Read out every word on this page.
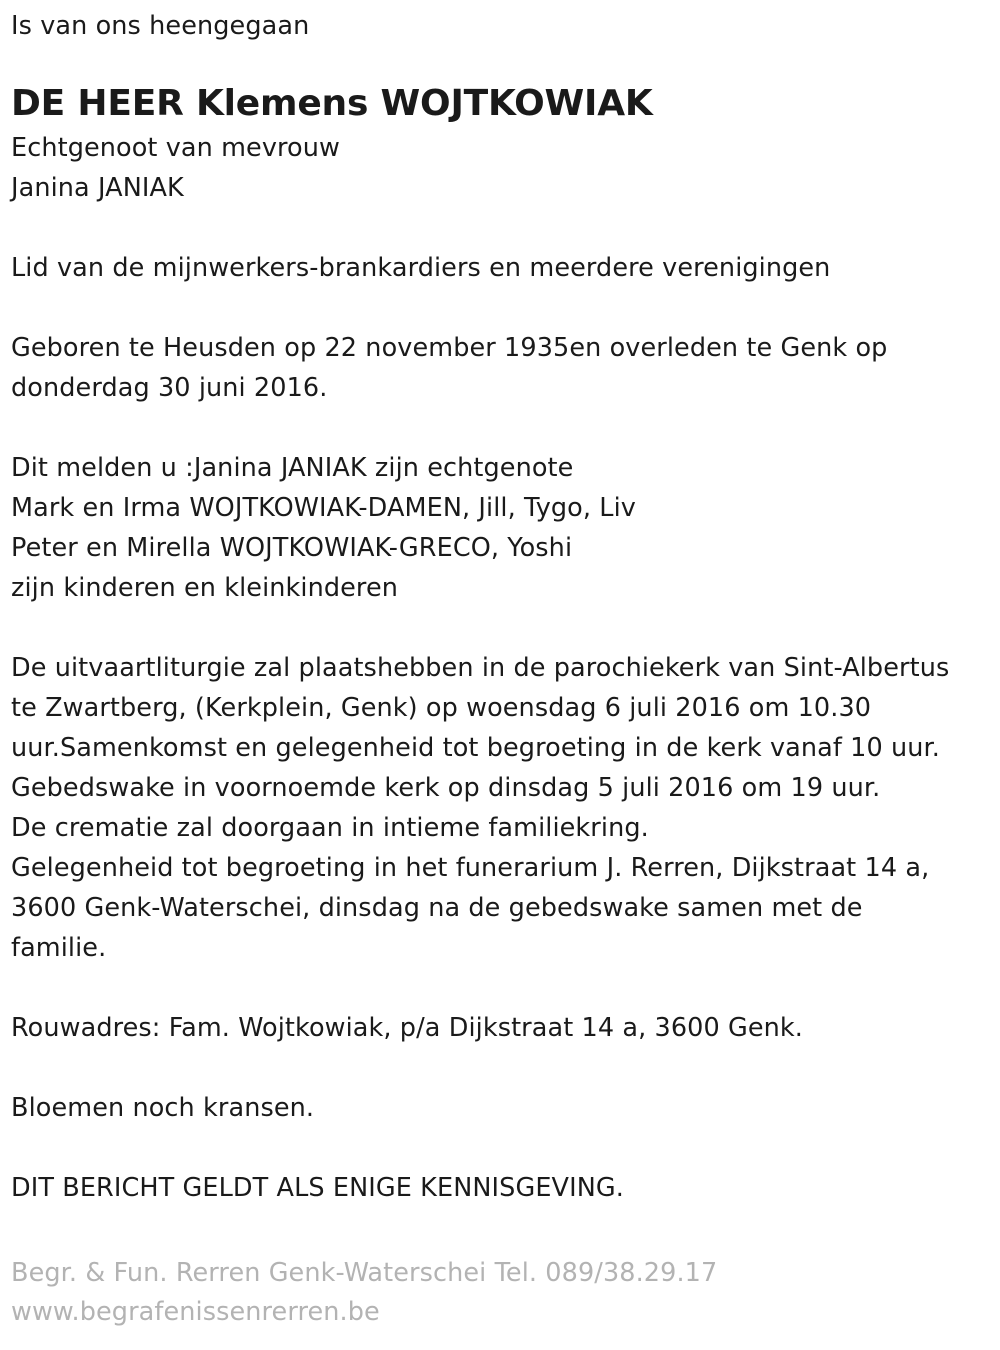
Is van ons heengegaan
DE HEER Klemens WOJTKOWIAK
Echtgenoot van mevrouw
Janina JANIAK
Lid van de mijnwerkers-brankardiers en meerdere verenigingen
Geboren te Heusden op 22 november 1935en overleden te Genk op
donderdag 30 juni 2016.
Dit melden u :Janina JANIAK zijn echtgenote
Mark en Irma WOJTKOWIAK-DAMEN, Jill, Tygo, Liv
Peter en Mirella WOJTKOWIAK-GRECO, Yoshi
zijn kinderen en kleinkinderen
De uitvaartliturgie zal plaatshebben in de parochiekerk van Sint-Albertus
te Zwartberg, (Kerkplein, Genk) op woensdag 6 juli 2016 om 10.30
uur.Samenkomst en gelegenheid tot begroeting in de kerk vanaf 10 uur.
Gebedswake in voornoemde kerk op dinsdag 5 juli 2016 om 19 uur.
De crematie zal doorgaan in intieme familiekring.
Gelegenheid tot begroeting in het funerarium J. Rerren, Dijkstraat 14 a,
3600 Genk-Waterschei, dinsdag na de gebedswake samen met de
familie.
Rouwadres: Fam. Wojtkowiak, p/a Dijkstraat 14 a, 3600 Genk.
Bloemen noch kransen.
DIT BERICHT GELDT ALS ENIGE KENNISGEVING.
Begr. & Fun. Rerren Genk-Waterschei Tel. 089/38.29.17
www.begrafenissenrerren.be
